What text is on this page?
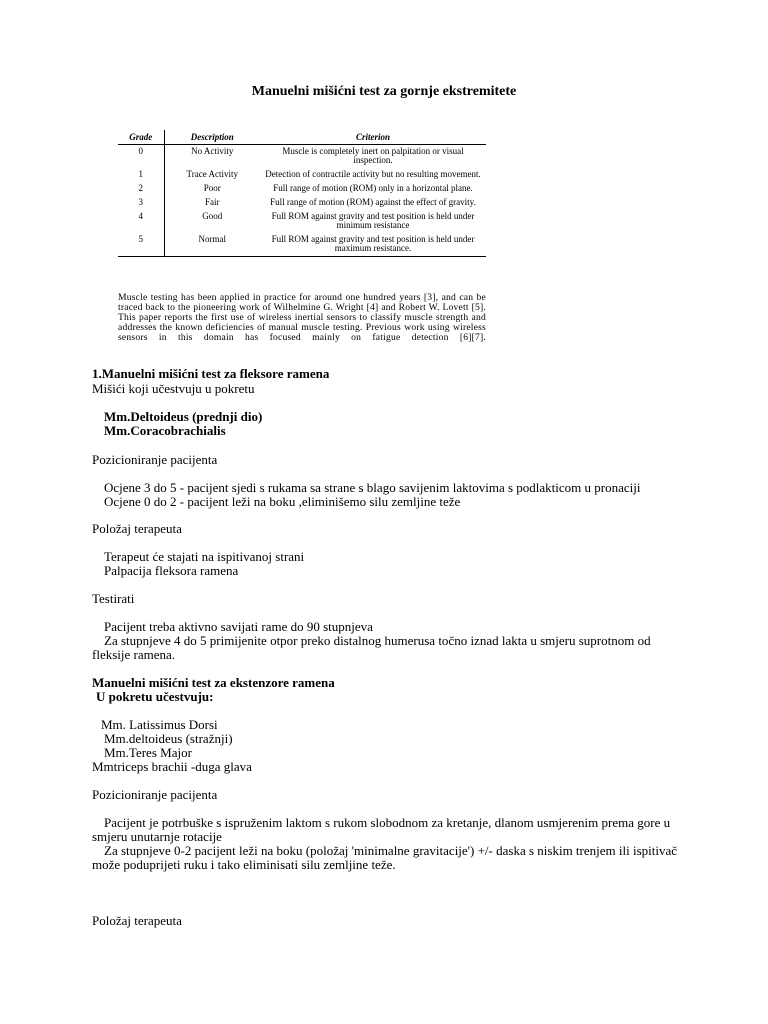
Manuelni mišićni test za gornje ekstremitete
Grade	Description	Criterion
0	No Activity	Muscle is completely inert on palpitation or visual inspection.
1	Trace Activity	Detection of contractile activity but no resulting movement.
2	Poor	Full range of motion (ROM) only in a horizontal plane.
3	Fair	Full range of motion (ROM) against the effect of gravity.
4	Good	Full ROM against gravity and test position is held under minimum resistance
5	Normal	Full ROM against gravity and test position is held under maximum resistance.
Muscle testing has been applied in practice for around one hundred years [3], and can be traced back to the pioneering work of Wilhelmine G. Wright [4] and Robert W. Lovett [5]. This paper reports the first use of wireless inertial sensors to classify muscle strength and addresses the known deficiencies of manual muscle testing. Previous work using wireless sensors in this domain has focused mainly on fatigue detection [6][7].
1.Manuelni mišićni test za fleksore ramena
Mišići koji učestvuju u pokretu
Mm.Deltoideus (prednji dio)
Mm.Coracobrachialis
Pozicioniranje pacijenta
Ocjene 3 do 5 - pacijent sjedi s rukama sa strane s blago savijenim laktovima s podlakticom u pronaciji
Ocjene 0 do 2 - pacijent leži na boku ,eliminišemo silu zemljine teže
Položaj terapeuta
Terapeut će stajati na ispitivanoj strani
Palpacija fleksora ramena
Testirati
Pacijent treba aktivno savijati rame do 90 stupnjeva
Za stupnjeve 4 do 5 primijenite otpor preko distalnog humerusa točno iznad lakta u smjeru suprotnom od
fleksije ramena.
Manuelni mišićni test za ekstenzore ramena
U pokretu učestvuju:
Mm. Latissimus Dorsi
Mm.deltoideus (stražnji)
Mm.Teres Major
Mmtriceps brachii -duga glava
Pozicioniranje pacijenta
Pacijent je potrbuške s ispruženim laktom s rukom slobodnom za kretanje, dlanom usmjerenim prema gore u
smjeru unutarnje rotacije
Za stupnjeve 0-2 pacijent leži na boku (položaj 'minimalne gravitacije') +/- daska s niskim trenjem ili ispitivač
može poduprijeti ruku i tako eliminisati silu zemljine teže.
Položaj terapeuta
